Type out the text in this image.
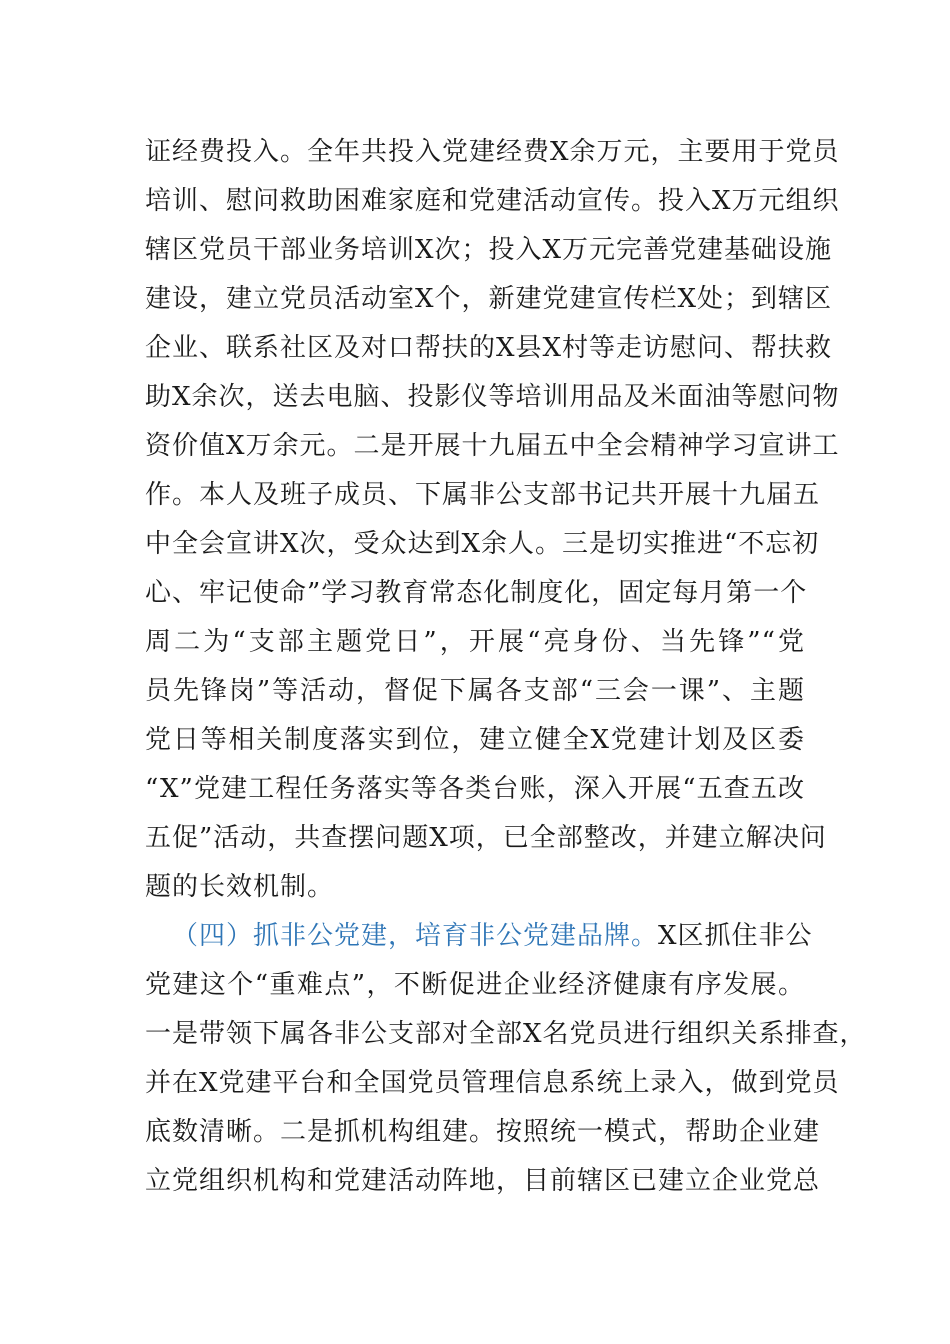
证经费投入。全年共投入党建经费X余万元，主要用于党员
培训、慰问救助困难家庭和党建活动宣传。投入X万元组织
辖区党员干部业务培训X次；投入X万元完善党建基础设施
建设，建立党员活动室X个，新建党建宣传栏X处；到辖区
企业、联系社区及对口帮扶的X县X村等走访慰问、帮扶救
助X余次，送去电脑、投影仪等培训用品及米面油等慰问物
资价值X万余元。二是开展十九届五中全会精神学习宣讲工
作。本人及班子成员、下属非公支部书记共开展十九届五
中全会宣讲X次，受众达到X余人。三是切实推进“不忘初
心、牢记使命”学习教育常态化制度化，固定每月第一个
周二为“支部主题党日”，开展“亮身份、当先锋”“党
员先锋岗”等活动，督促下属各支部“三会一课”、主题
党日等相关制度落实到位，建立健全X党建计划及区委
“X”党建工程任务落实等各类台账，深入开展“五查五改
五促”活动，共查摆问题X项，已全部整改，并建立解决问
题的长效机制。
（四）抓非公党建，培育非公党建品牌。X区抓住非公
党建这个“重难点”，不断促进企业经济健康有序发展。
一是带领下属各非公支部对全部X名党员进行组织关系排查，
并在X党建平台和全国党员管理信息系统上录入，做到党员
底数清晰。二是抓机构组建。按照统一模式，帮助企业建
立党组织机构和党建活动阵地，目前辖区已建立企业党总
